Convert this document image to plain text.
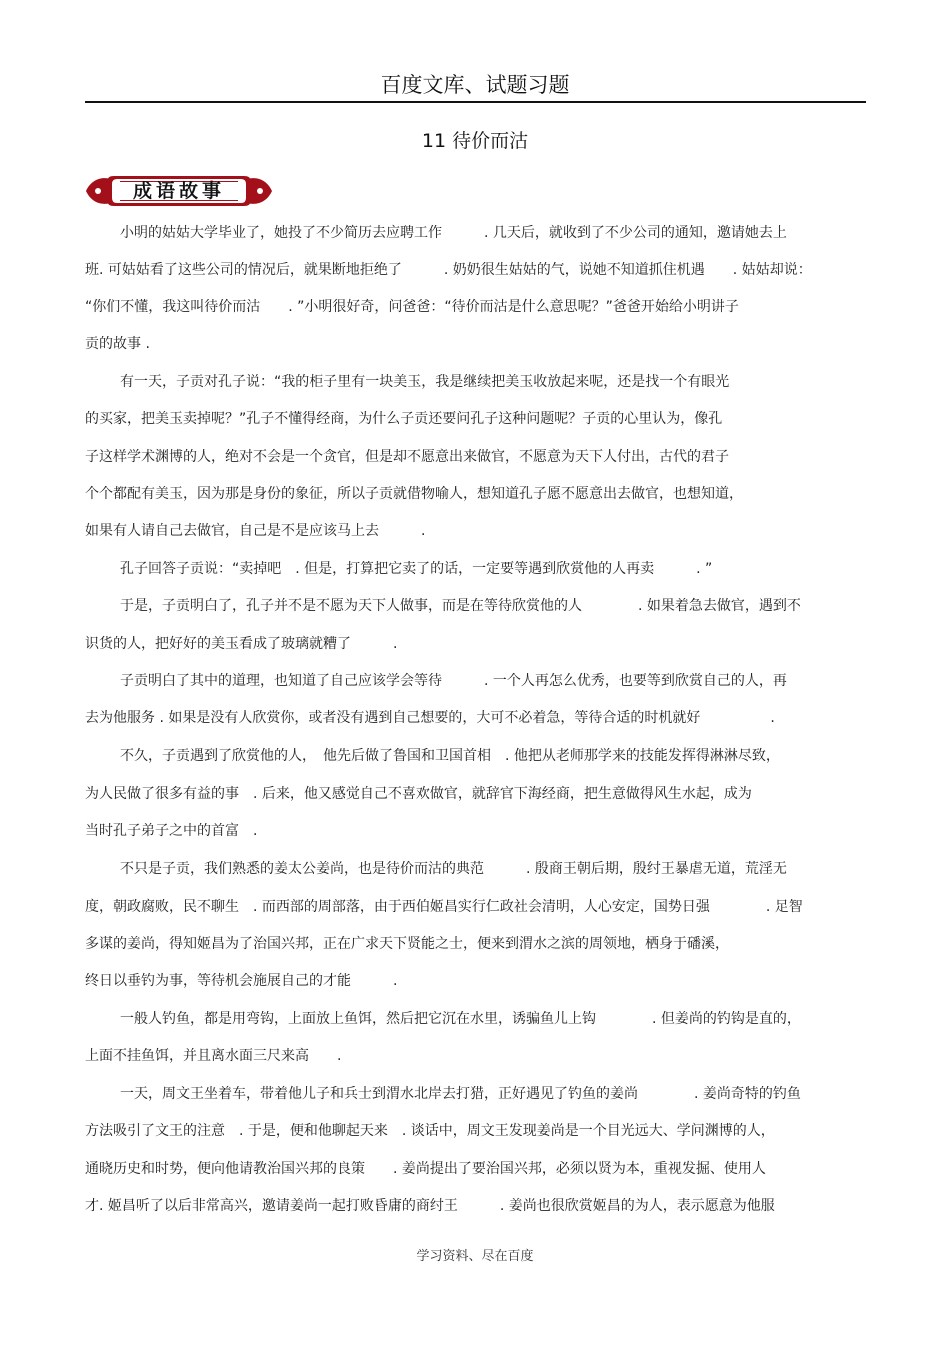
百度文库、试题习题
11 待价而沽
成语故事
小明的姑姑大学毕业了，她投了不少简历去应聘工作　　　. 几天后，就收到了不少公司的通知，邀请她去上
班. 可姑姑看了这些公司的情况后，就果断地拒绝了　　　. 奶奶很生姑姑的气，说她不知道抓住机遇　　. 姑姑却说：
“你们不懂，我这叫待价而沽　　. ”小明很好奇，问爸爸：“待价而沽是什么意思呢？”爸爸开始给小明讲子
贡的故事 .
有一天，子贡对孔子说：“我的柜子里有一块美玉，我是继续把美玉收放起来呢，还是找一个有眼光
的买家，把美玉卖掉呢？”孔子不懂得经商，为什么子贡还要问孔子这种问题呢？子贡的心里认为，像孔
子这样学术渊博的人，绝对不会是一个贪官，但是却不愿意出来做官，不愿意为天下人付出，古代的君子
个个都配有美玉，因为那是身份的象征，所以子贡就借物喻人，想知道孔子愿不愿意出去做官，也想知道，
如果有人请自己去做官，自己是不是应该马上去　　　.
孔子回答子贡说：“卖掉吧　. 但是，打算把它卖了的话，一定要等遇到欣赏他的人再卖　　　. ”
于是，子贡明白了，孔子并不是不愿为天下人做事，而是在等待欣赏他的人　　　　. 如果着急去做官，遇到不
识货的人，把好好的美玉看成了玻璃就糟了　　　.
子贡明白了其中的道理，也知道了自己应该学会等待　　　. 一个人再怎么优秀，也要等到欣赏自己的人，再
去为他服务 . 如果是没有人欣赏你，或者没有遇到自己想要的，大可不必着急，等待合适的时机就好　　　　　.
不久，子贡遇到了欣赏他的人，　他先后做了鲁国和卫国首相　. 他把从老师那学来的技能发挥得淋淋尽致，
为人民做了很多有益的事　. 后来，他又感觉自己不喜欢做官，就辞官下海经商，把生意做得风生水起，成为
当时孔子弟子之中的首富　.
不只是子贡，我们熟悉的姜太公姜尚，也是待价而沽的典范　　　. 殷商王朝后期，殷纣王暴虐无道，荒淫无
度，朝政腐败，民不聊生　. 而西部的周部落，由于西伯姬昌实行仁政社会清明，人心安定，国势日强　　　　. 足智
多谋的姜尚，得知姬昌为了治国兴邦，正在广求天下贤能之士，便来到渭水之滨的周领地，栖身于磻溪，
终日以垂钓为事，等待机会施展自己的才能　　　.
一般人钓鱼，都是用弯钩，上面放上鱼饵，然后把它沉在水里，诱骗鱼儿上钩　　　　. 但姜尚的钓钩是直的，
上面不挂鱼饵，并且离水面三尺来高　　.
一天，周文王坐着车，带着他儿子和兵士到渭水北岸去打猎，正好遇见了钓鱼的姜尚　　　　. 姜尚奇特的钓鱼
方法吸引了文王的注意　. 于是，便和他聊起天来　. 谈话中，周文王发现姜尚是一个目光远大、学问渊博的人，
通晓历史和时势，便向他请教治国兴邦的良策　　. 姜尚提出了要治国兴邦，必须以贤为本，重视发掘、使用人
才. 姬昌听了以后非常高兴，邀请姜尚一起打败昏庸的商纣王　　　. 姜尚也很欣赏姬昌的为人，表示愿意为他服
学习资料、尽在百度
